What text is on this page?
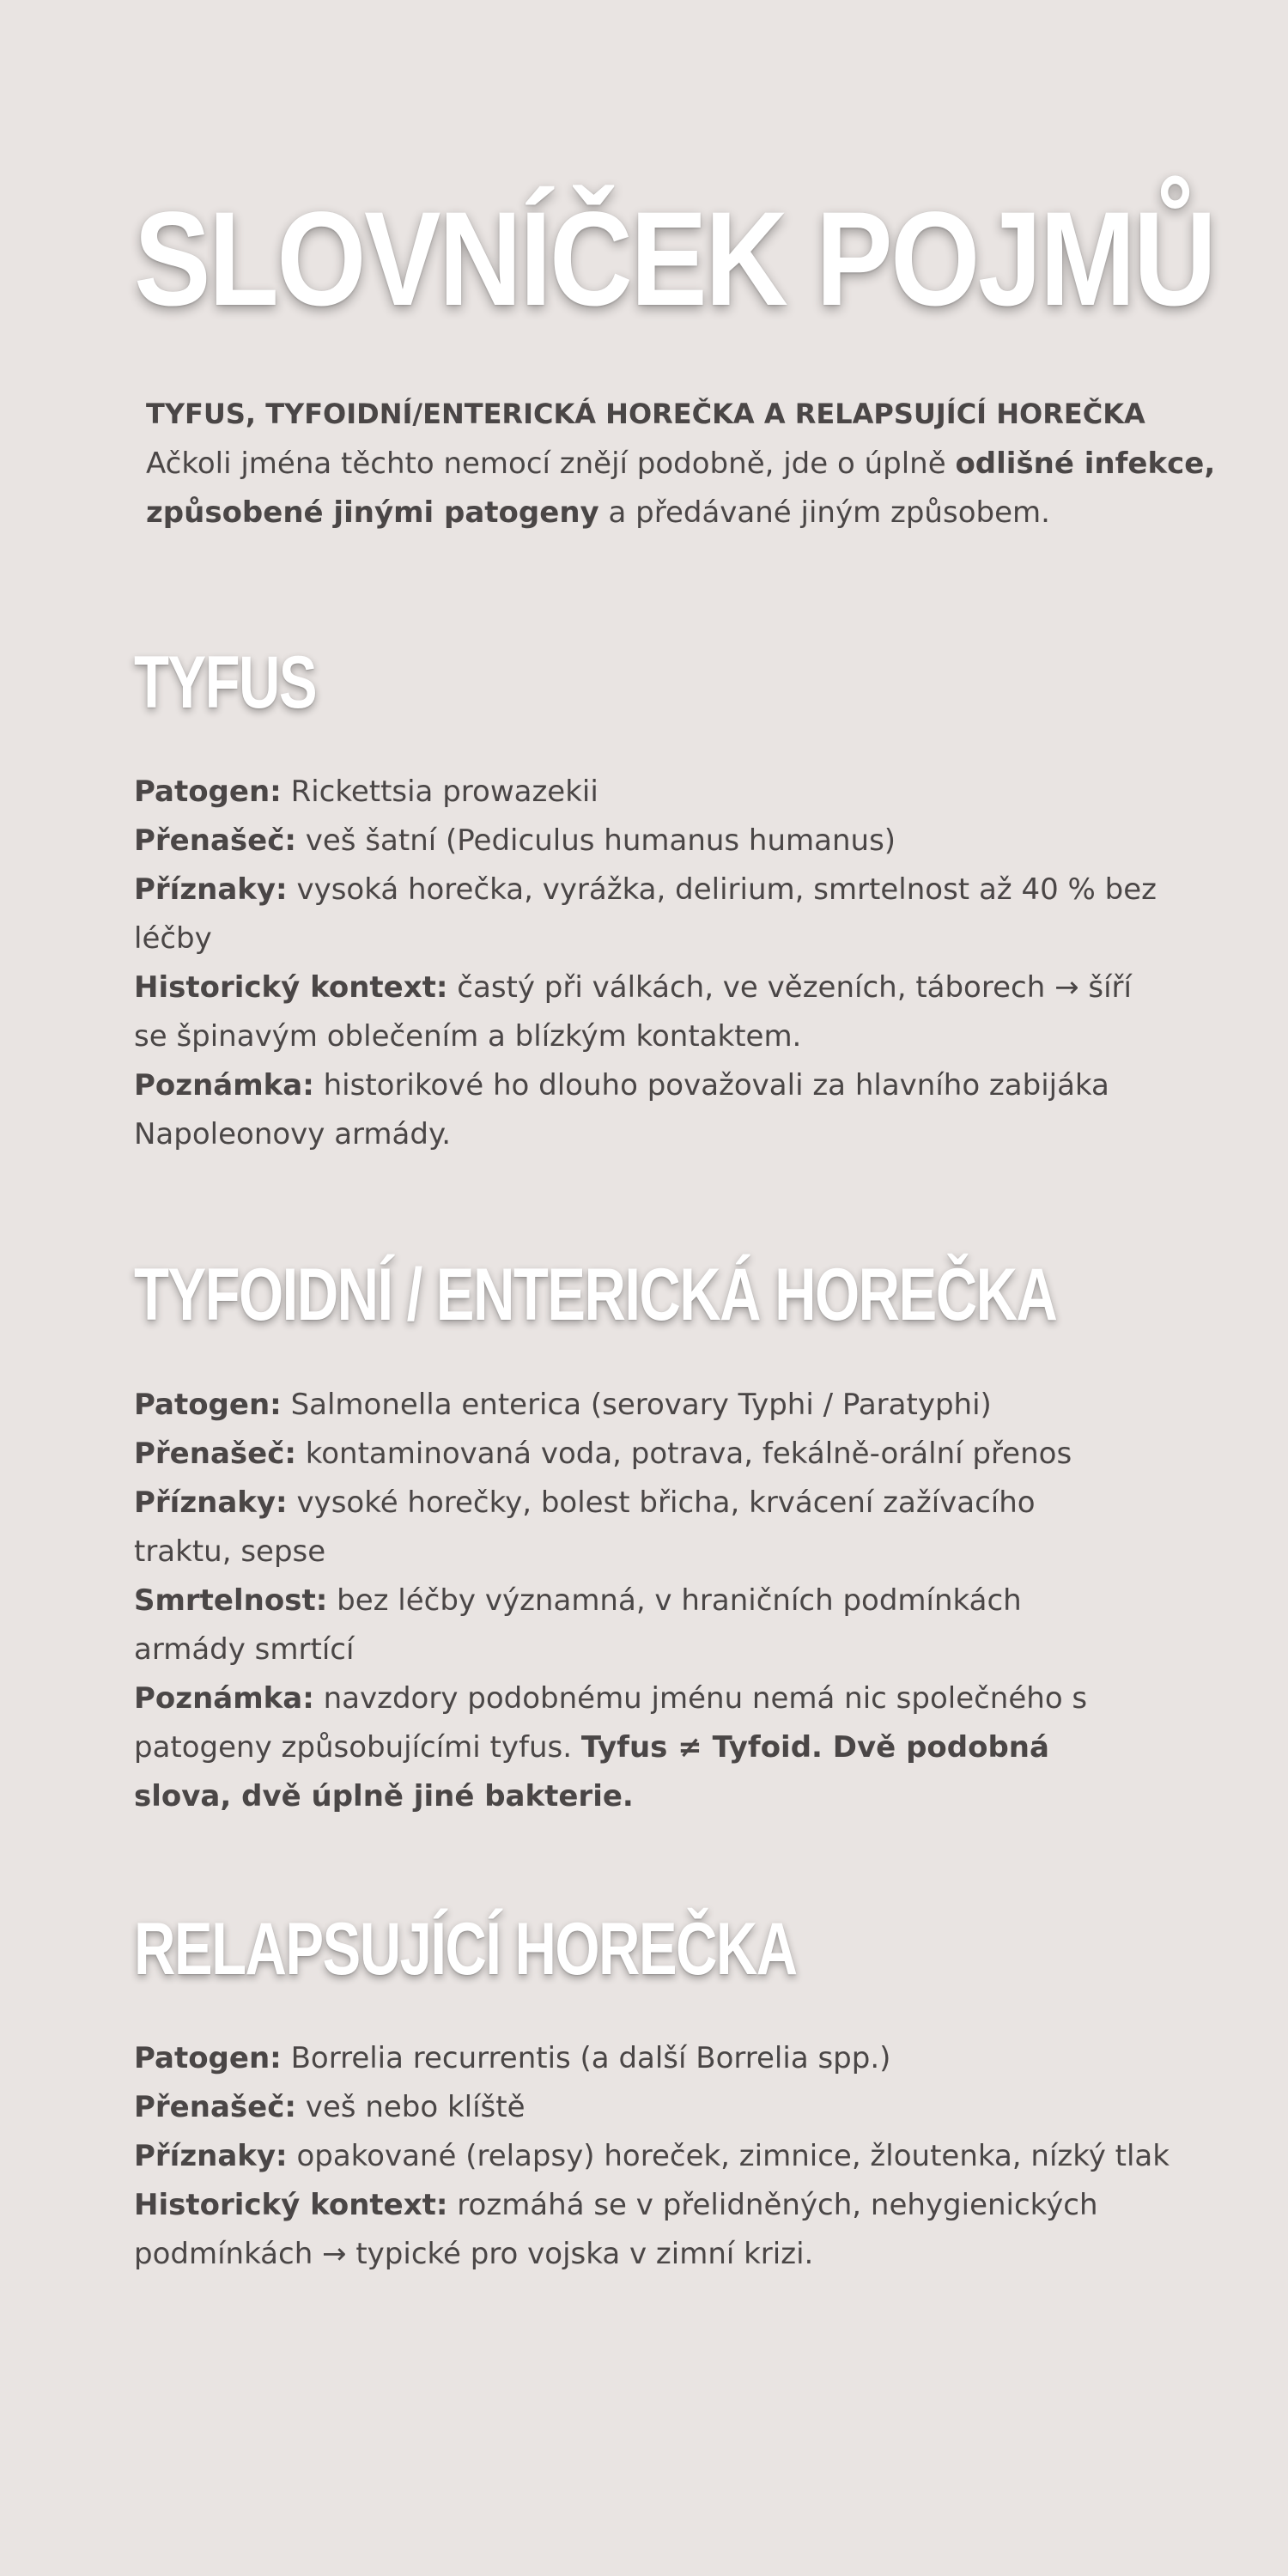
SLOVNÍČEK POJMŮ

TYFUS, TYFOIDNÍ/ENTERICKÁ HOREČKA A RELAPSUJÍCÍ HOREČKA

Ačkoli jména těchto nemocí znějí podobně, jde o úplně odlišné infekce, způsobené jinými patogeny a předávané jiným způsobem.

TYFUS

Patogen: Rickettsia prowazekii

Přenašeč: veš šatní (Pediculus humanus humanus)

Příznaky: vysoká horečka, vyrážka, delirium, smrtelnost až 40 % bez léčby

Historický kontext: častý při válkách, ve vězeních, táborech → šíří se špinavým oblečením a blízkým kontaktem.

Poznámka: historikové ho dlouho považovali za hlavního zabijáka Napoleonovy armády.

TYFOIDNÍ / ENTERICKÁ HOREČKA

Patogen: Salmonella enterica (serovary Typhi / Paratyphi)

Přenašeč: kontaminovaná voda, potrava, fekálně-orální přenos

Příznaky: vysoké horečky, bolest břicha, krvácení zažívacího traktu, sepse

Smrtelnost: bez léčby významná, v hraničních podmínkách armády smrtící

Poznámka: navzdory podobnému jménu nemá nic společného s patogeny způsobujícími tyfus. Tyfus ≠ Tyfoid. Dvě podobná slova, dvě úplně jiné bakterie.

RELAPSUJÍCÍ HOREČKA

Patogen: Borrelia recurrentis (a další Borrelia spp.)

Přenašeč: veš nebo klíště

Příznaky: opakované (relapsy) horeček, zimnice, žloutenka, nízký tlak

Historický kontext: rozmáhá se v přelidněných, nehygienických podmínkách → typické pro vojska v zimní krizi.
